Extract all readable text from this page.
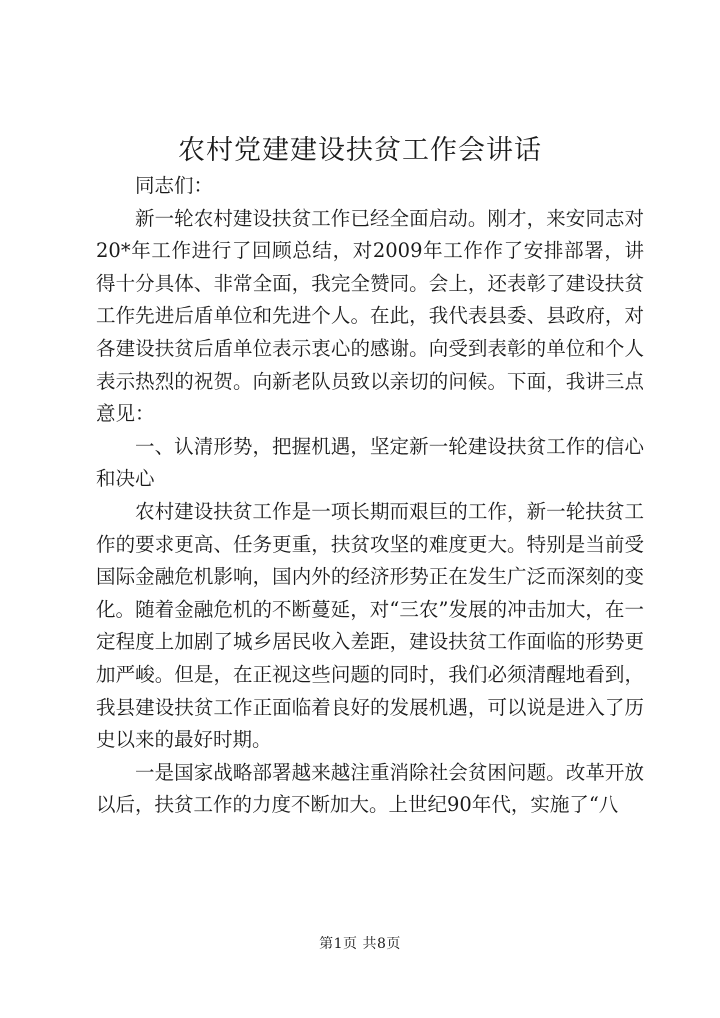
农村党建建设扶贫工作会讲话

同志们：

新一轮农村建设扶贫工作已经全面启动。刚才，来安同志对20*年工作进行了回顾总结，对2009年工作作了安排部署，讲得十分具体、非常全面，我完全赞同。会上，还表彰了建设扶贫工作先进后盾单位和先进个人。在此，我代表县委、县政府，对各建设扶贫后盾单位表示衷心的感谢。向受到表彰的单位和个人表示热烈的祝贺。向新老队员致以亲切的问候。下面，我讲三点意见：

一、认清形势，把握机遇，坚定新一轮建设扶贫工作的信心和决心

农村建设扶贫工作是一项长期而艰巨的工作，新一轮扶贫工作的要求更高、任务更重，扶贫攻坚的难度更大。特别是当前受国际金融危机影响，国内外的经济形势正在发生广泛而深刻的变化。随着金融危机的不断蔓延，对“三农”发展的冲击加大，在一定程度上加剧了城乡居民收入差距，建设扶贫工作面临的形势更加严峻。但是，在正视这些问题的同时，我们必须清醒地看到，我县建设扶贫工作正面临着良好的发展机遇，可以说是进入了历史以来的最好时期。

一是国家战略部署越来越注重消除社会贫困问题。改革开放以后，扶贫工作的力度不断加大。上世纪90年代，实施了“八

第1页 共8页
